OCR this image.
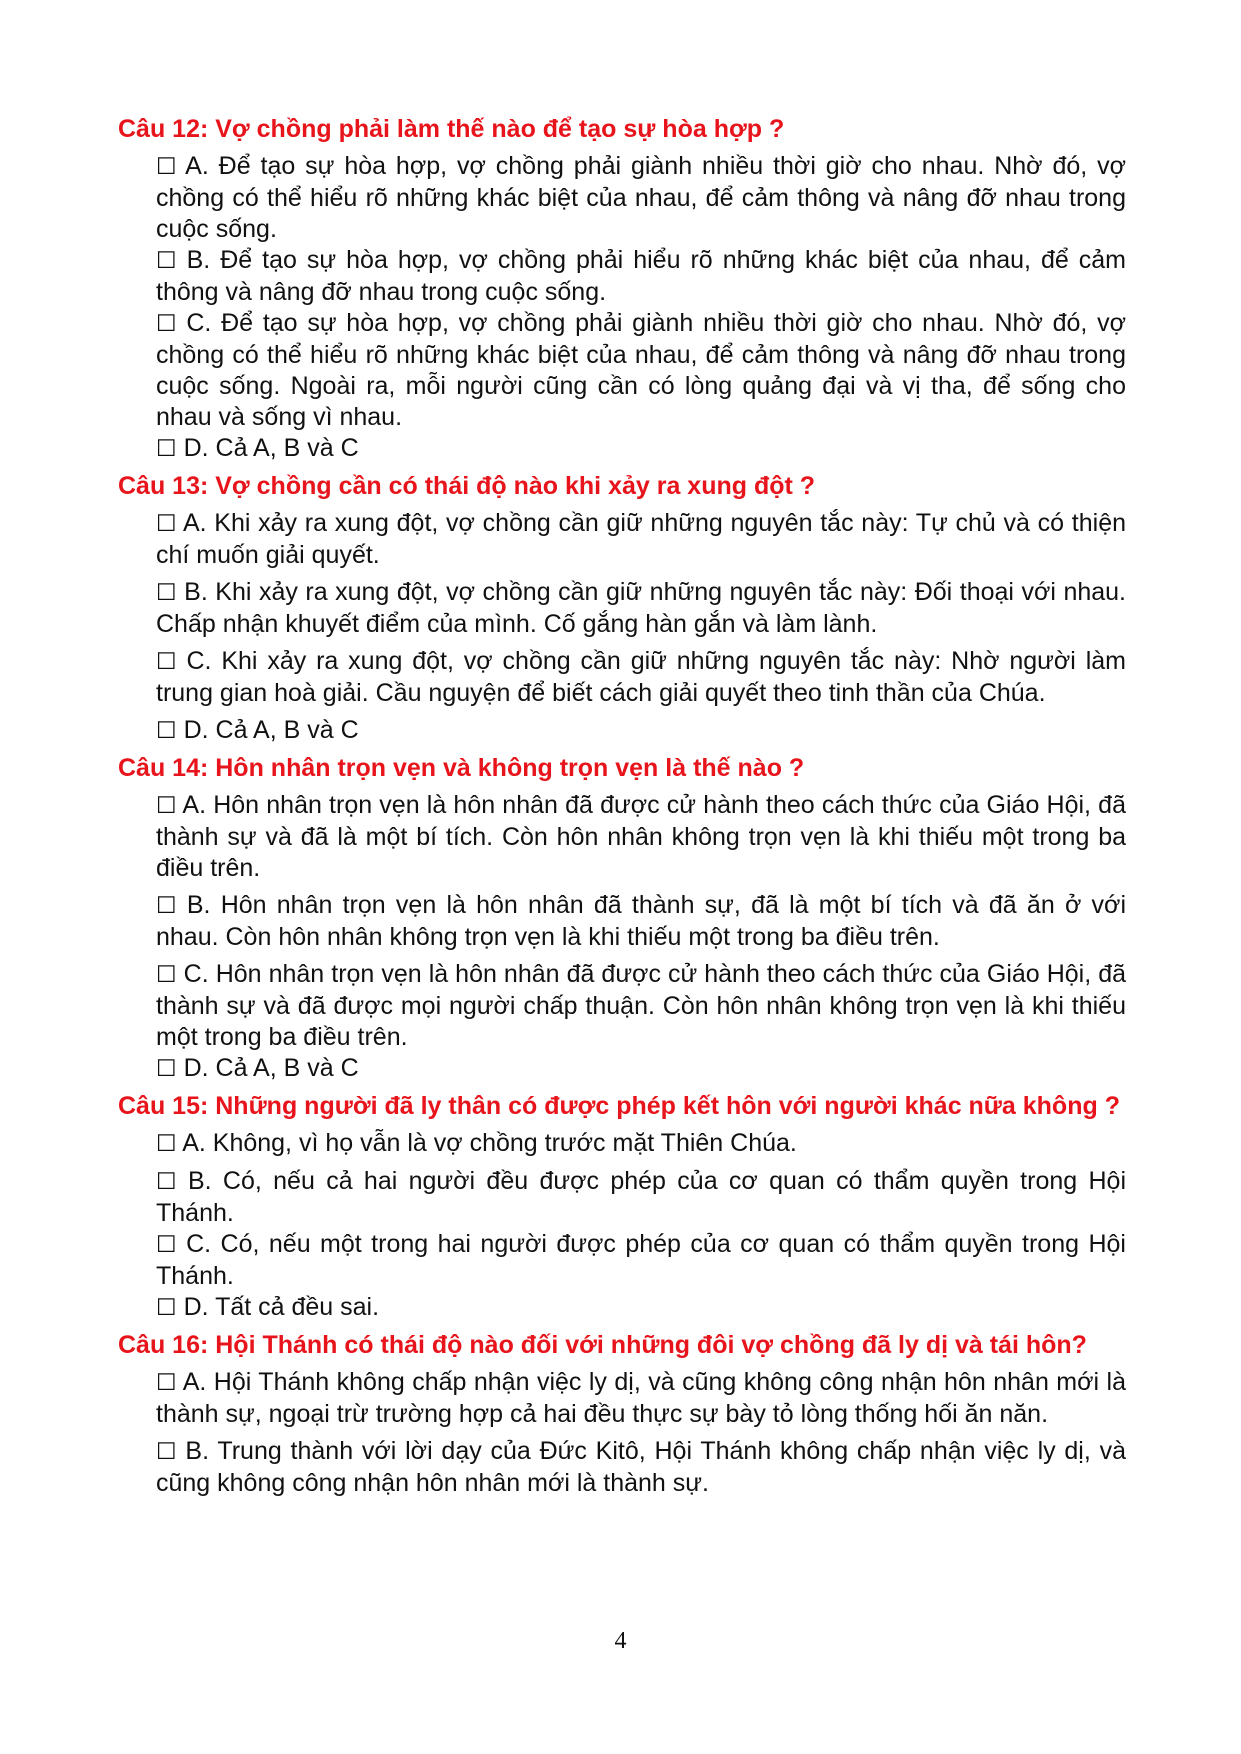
Câu 12: Vợ chồng phải làm thế nào để tạo sự hòa hợp ?
☐ A. Để tạo sự hòa hợp, vợ chồng phải giành nhiều thời giờ cho nhau. Nhờ đó, vợ chồng có thể hiểu rõ những khác biệt của nhau, để cảm thông và nâng đỡ nhau trong cuộc sống.
☐ B. Để tạo sự hòa hợp, vợ chồng phải hiểu rõ những khác biệt của nhau, để cảm thông và nâng đỡ nhau trong cuộc sống.
☐ C. Để tạo sự hòa hợp, vợ chồng phải giành nhiều thời giờ cho nhau. Nhờ đó, vợ chồng có thể hiểu rõ những khác biệt của nhau, để cảm thông và nâng đỡ nhau trong cuộc sống. Ngoài ra, mỗi người cũng cần có lòng quảng đại và vị tha, để sống cho nhau và sống vì nhau.
☐ D. Cả A, B và C
Câu 13: Vợ chồng cần có thái độ nào khi xảy ra xung đột ?
☐ A. Khi xảy ra xung đột, vợ chồng cần giữ những nguyên tắc này: Tự chủ và có thiện chí muốn giải quyết.
☐ B. Khi xảy ra xung đột, vợ chồng cần giữ những nguyên tắc này: Đối thoại với nhau. Chấp nhận khuyết điểm của mình. Cố gắng hàn gắn và làm lành.
☐ C. Khi xảy ra xung đột, vợ chồng cần giữ những nguyên tắc này: Nhờ người làm trung gian hoà giải. Cầu nguyện để biết cách giải quyết theo tinh thần của Chúa.
☐ D. Cả A, B và C
Câu 14: Hôn nhân trọn vẹn và không trọn vẹn là thế nào ?
☐ A. Hôn nhân trọn vẹn là hôn nhân đã được cử hành theo cách thức của Giáo Hội, đã thành sự và đã là một bí tích. Còn hôn nhân không trọn vẹn là khi thiếu một trong ba điều trên.
☐ B. Hôn nhân trọn vẹn là hôn nhân đã thành sự, đã là một bí tích và đã ăn ở với nhau. Còn hôn nhân không trọn vẹn là khi thiếu một trong ba điều trên.
☐ C. Hôn nhân trọn vẹn là hôn nhân đã được cử hành theo cách thức của Giáo Hội, đã thành sự và đã được mọi người chấp thuận. Còn hôn nhân không trọn vẹn là khi thiếu một trong ba điều trên.
☐ D. Cả A, B và C
Câu 15: Những người đã ly thân có được phép kết hôn với người khác nữa không ?
☐ A. Không, vì họ vẫn là vợ chồng trước mặt Thiên Chúa.
☐ B. Có, nếu cả hai người đều được phép của cơ quan có thẩm quyền trong Hội Thánh.
☐ C. Có, nếu một trong hai người được phép của cơ quan có thẩm quyền trong Hội Thánh.
☐ D. Tất cả đều sai.
Câu 16: Hội Thánh có thái độ nào đối với những đôi vợ chồng đã ly dị và tái hôn?
☐ A. Hội Thánh không chấp nhận việc ly dị, và cũng không công nhận hôn nhân mới là thành sự, ngoại trừ trường hợp cả hai đều thực sự bày tỏ lòng thống hối ăn năn.
☐ B. Trung thành với lời dạy của Đức Kitô, Hội Thánh không chấp nhận việc ly dị, và cũng không công nhận hôn nhân mới là thành sự.
4
